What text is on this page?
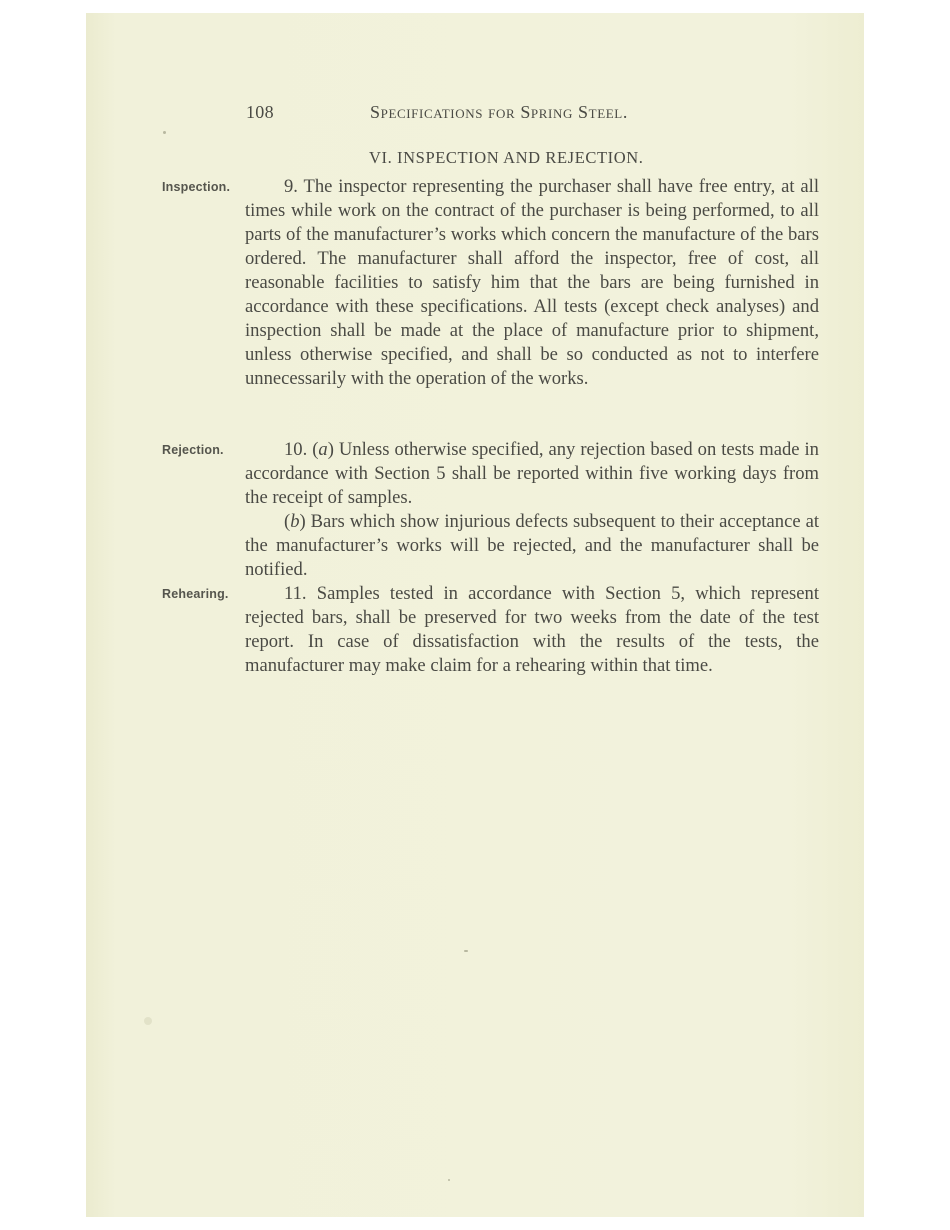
108	Specifications for Spring Steel.
VI. INSPECTION AND REJECTION.
Inspection.	9. The inspector representing the purchaser shall have free entry, at all times while work on the contract of the purchaser is being performed, to all parts of the manufacturer’s works which concern the manufacture of the bars ordered. The manufacturer shall afford the inspector, free of cost, all reasonable facilities to satisfy him that the bars are being furnished in accordance with these specifications. All tests (except check analyses) and inspection shall be made at the place of manufacture prior to shipment, unless otherwise specified, and shall be so conducted as not to interfere unnecessarily with the operation of the works.

Rejection.	10. (a) Unless otherwise specified, any rejection based on tests made in accordance with Section 5 shall be reported within five working days from the receipt of samples.

(b) Bars which show injurious defects subsequent to their acceptance at the manufacturer’s works will be rejected, and the manufacturer shall be notified.

Rehearing.	11. Samples tested in accordance with Section 5, which represent rejected bars, shall be preserved for two weeks from the date of the test report. In case of dissatisfaction with the results of the tests, the manufacturer may make claim for a rehearing within that time.
